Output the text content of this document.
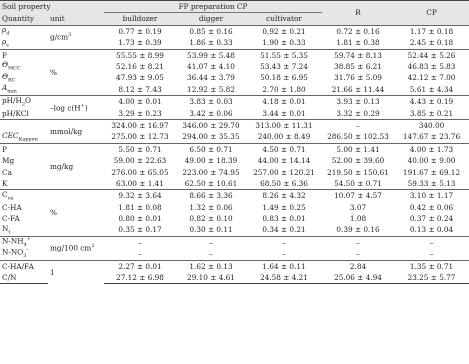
Soil property		FP preparation CP			R	CP
Quantity	unit	bulldozer	digger	cultivator		
$\rho_d$	$g/cm^3$	0.77 ± 0.19	0.85 ± 0.16	0.92 ± 0.21	0.72 ± 0.16	1.17 ± 0.18
$\rho_s$		1.73 ± 0.39	1.86 ± 0.33	1.90 ± 0.33	1.81 ± 0.38	2.45 ± 0.18
P	%	55.55 ± 8.99	53.99 ± 5.48	51.55 ± 5.35	59.74 ± 8.13	52.44 ± 5.26
$\Theta_{MCC}$		52.16 ± 8.21	41.07 ± 4.10	53.43 ± 7.24	38.85 ± 6.21	46.83 ± 5.83
$\Theta_{RC}$		47.93 ± 9.05	36.44 ± 3.79	50.18 ± 6.95	31.76 ± 5.09	42.12 ± 7.00
$A_{min}$		8.12 ± 7.43	12.92 ± 5.82	2.70 ± 1.80	21.66 ± 11.44	5.61 ± 4.34
$pH/H_2O$	–log c(H+)	4.00 ± 0.01	3.83 ± 0.03	4.18 ± 0.01	3.93 ± 0.13	4.43 ± 0.19
pH/KCl		3.29 ± 0.23	3.42 ± 0.06	3.44 ± 0.01	3.32 ± 0.29	3.85 ± 0.21
	mmol/kg	324.00 ± 16.97	346.00 ± 29.70	313.00 ± 11.31	–	340.00
$CEC_{Kappen}$		275.00 ± 12.73	294.00 ± 35.35	240.00 ± 8.49	286.50 ± 102.53	147.67 ± 23.76
P	mg/kg	5.50 ± 0.71	6.50 ± 0.71	4.50 ± 0.71	5.00 ± 1.41	4.00 ± 1.73
Mg		59.00 ± 22.63	49.00 ± 18.39	44.00 ± 14.14	52.00 ± 39.60	40.00 ± 9.00
Ca		276.00 ± 65.05	223.00 ± 74.95	257.00 ± 120.21	219.50 ± 150.61	191.67 ± 69.12
K		63.00 ± 1.41	62.50 ± 10.61	68.50 ± 6.36	54.50 ± 0.71	59.33 ± 5.13
$C_{ox}$	%	9.32 ± 3.64	8.66 ± 3.36	8.26 ± 4.32	10.07 ± 4.57	3.10 ± 1.17
C-HA		1.81 ± 0.08	1.32 ± 0.06	1.49 ± 0.25	3.07	0.42 ± 0.06
C-FA		0.80 ± 0.01	0.82 ± 0.10	0.83 ± 0.01	1.08	0.37 ± 0.24
$N_t$		0.35 ± 0.17	0.30 ± 0.11	0.34 ± 0.21	0.39 ± 0.16	0.13 ± 0.04
$N-NH_4^+$	mg/100 $cm^2$	–	–	–	–	–
$N-NO_3^-$		–	–	–	–	–
C-HA/FA	1	2.27 ± 0.01	1.62 ± 0.13	1.64 ± 0.11	2.84	1.35 ± 0.71
C/N		27.12 ± 6.98	29.10 ± 4.61	24.58 ± 4.21	25.06 ± 4.94	23.25 ± 5.77
